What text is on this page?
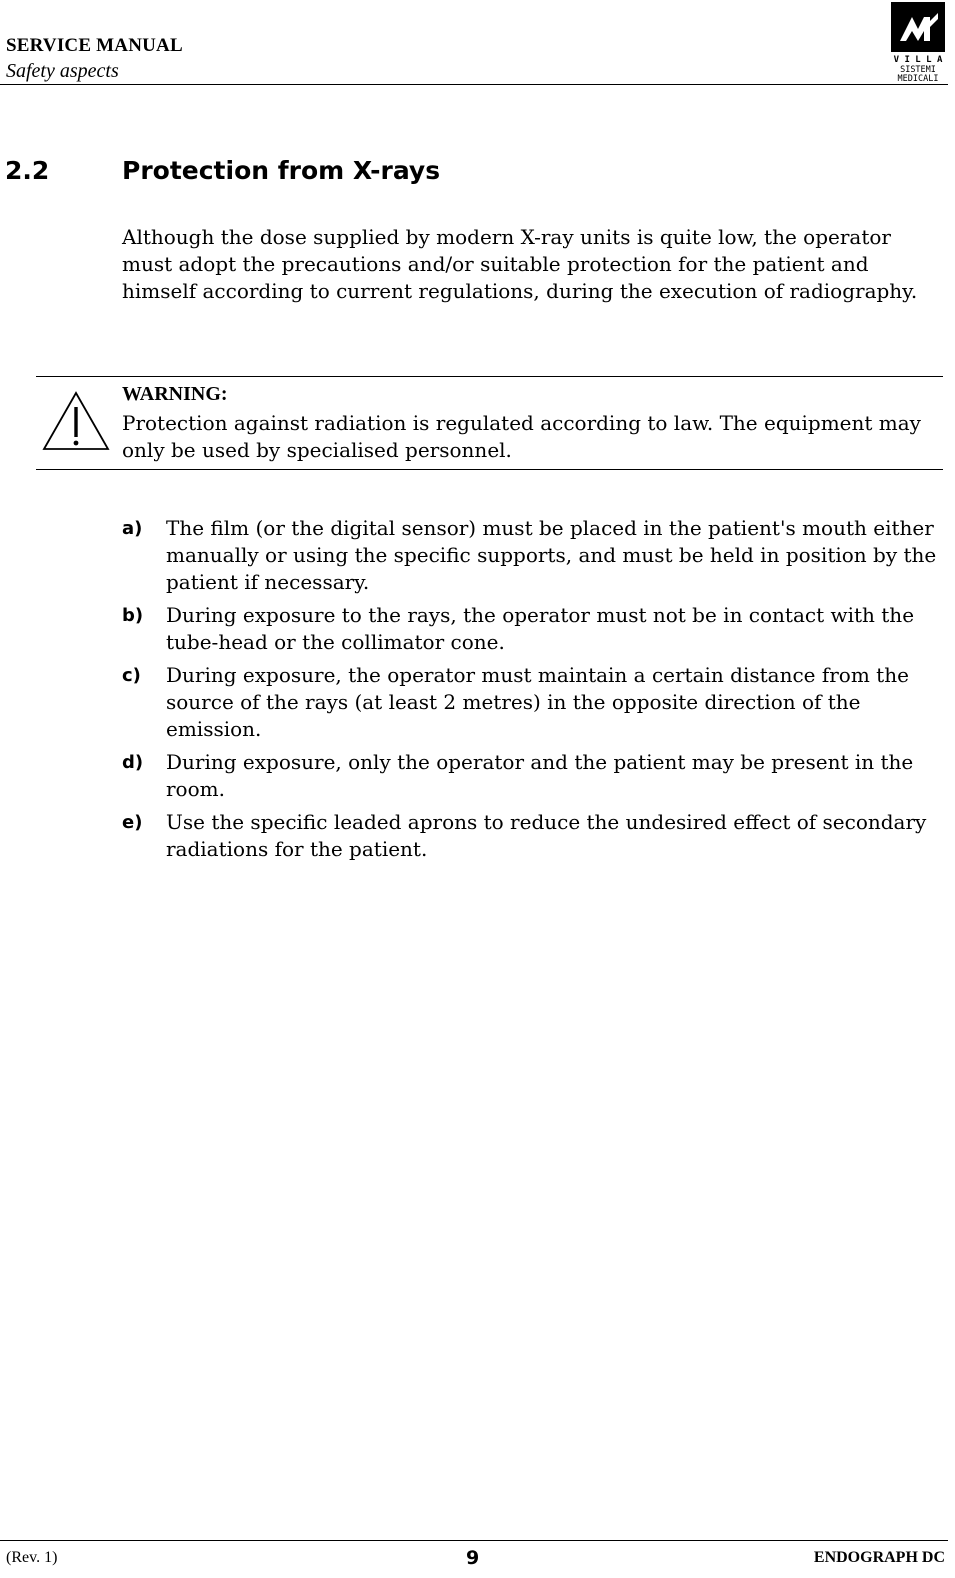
SERVICE MANUAL

Safety aspects	V I L L A
SISTEMI
MEDICALI
2.2	Protection from X-rays

Although the dose supplied by modern X-ray units is quite low, the operator must adopt the precautions and/or suitable protection for the patient and himself according to current regulations, during the execution of radiography.

WARNING:

Protection against radiation is regulated according to law. The equipment may only be used by specialised personnel.

a)	The film (or the digital sensor) must be placed in the patient's mouth either manually or using the specific supports, and must be held in position by the patient if necessary.
b)	During exposure to the rays, the operator must not be in contact with the tube-head or the collimator cone.
c)	During exposure, the operator must maintain a certain distance from the source of the rays (at least 2 metres) in the opposite direction of the emission.
d)	During exposure, only the operator and the patient may be present in the room.
e)	Use the specific leaded aprons to reduce the undesired effect of secondary radiations for the patient.

(Rev. 1)	9	ENDOGRAPH DC
